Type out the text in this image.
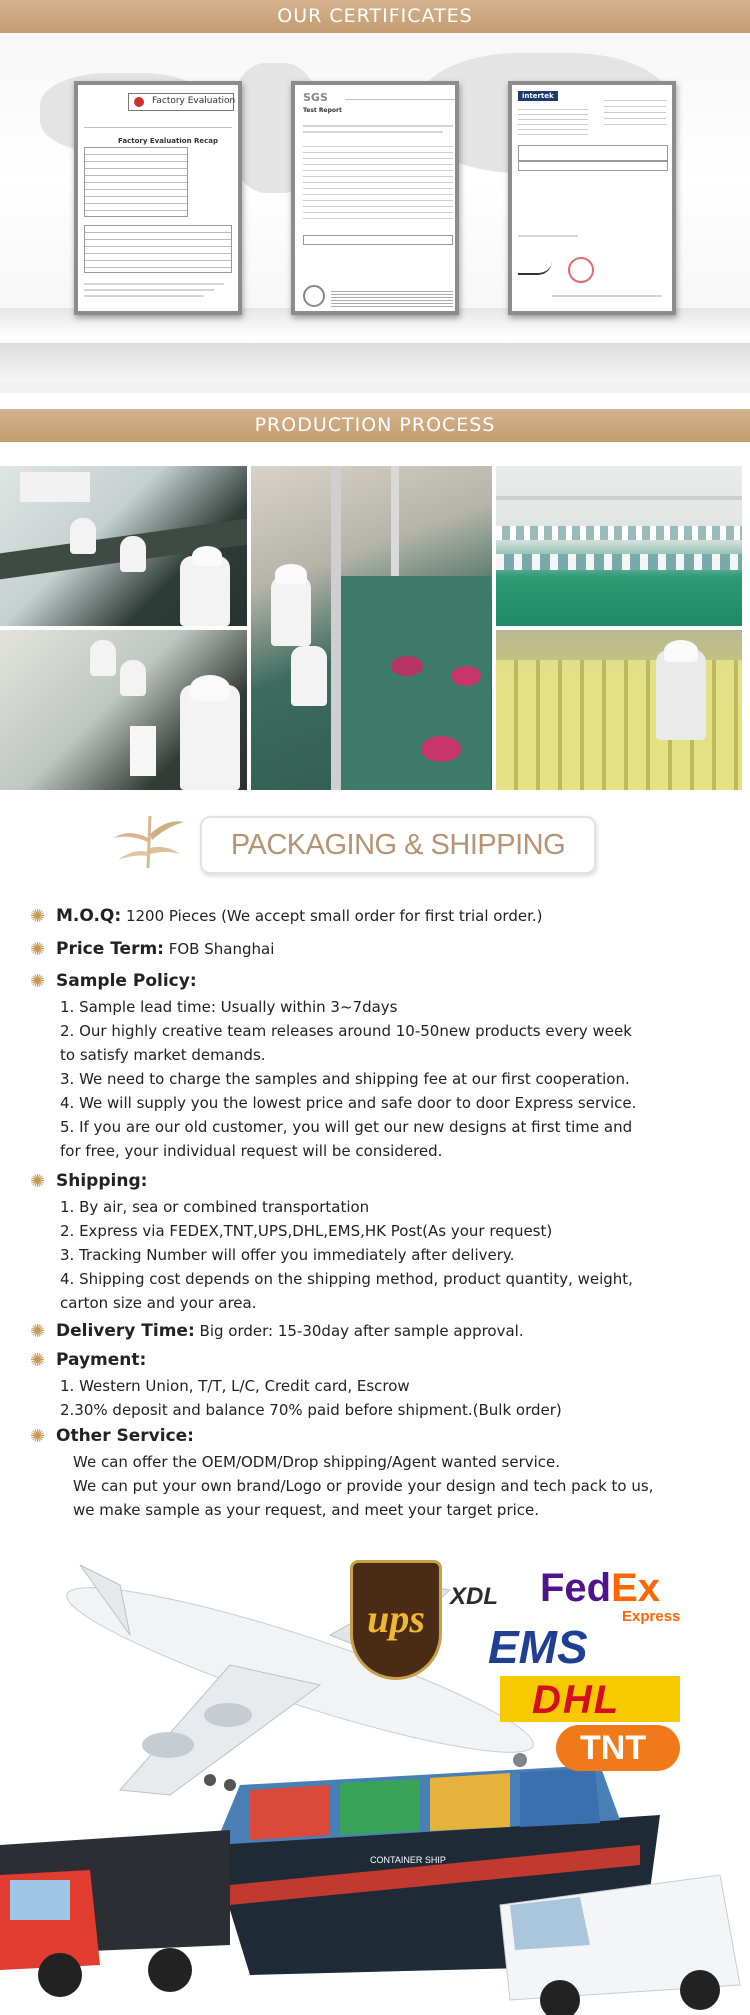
OUR CERTIFICATES
Factory Evaluation
Factory Evaluation Recap
SGS
Test Report
intertek
PRODUCTION PROCESS
PACKAGING & SHIPPING
✺ M.O.Q: 1200 Pieces (We accept small order for first trial order.)
✺ Price Term: FOB Shanghai
✺ Sample Policy:
1. Sample lead time: Usually within 3~7days
2. Our highly creative team releases around 10-50new products every week
to satisfy market demands.
3. We need to charge the samples and shipping fee at our first cooperation.
4. We will supply you the lowest price and safe door to door Express service.
5. If you are our old customer, you will get our new designs at first time and
for free, your individual request will be considered.
✺ Shipping:
1. By air, sea or combined transportation
2. Express via FEDEX,TNT,UPS,DHL,EMS,HK Post(As your request)
3. Tracking Number will offer you immediately after delivery.
4. Shipping cost depends on the shipping method, product quantity, weight,
carton size and your area.
✺ Delivery Time: Big order: 15-30day after sample approval.
✺ Payment:
1. Western Union, T/T, L/C, Credit card, Escrow
2.30% deposit and balance 70% paid before shipment.(Bulk order)
✺ Other Service:
We can offer the OEM/ODM/Drop shipping/Agent wanted service.
We can put your own brand/Logo or provide your design and tech pack to us,
we make sample as your request, and meet your target price.
CONTAINER SHIP
ups	XDL FedEx
Express
EMS
DHL
TNT
